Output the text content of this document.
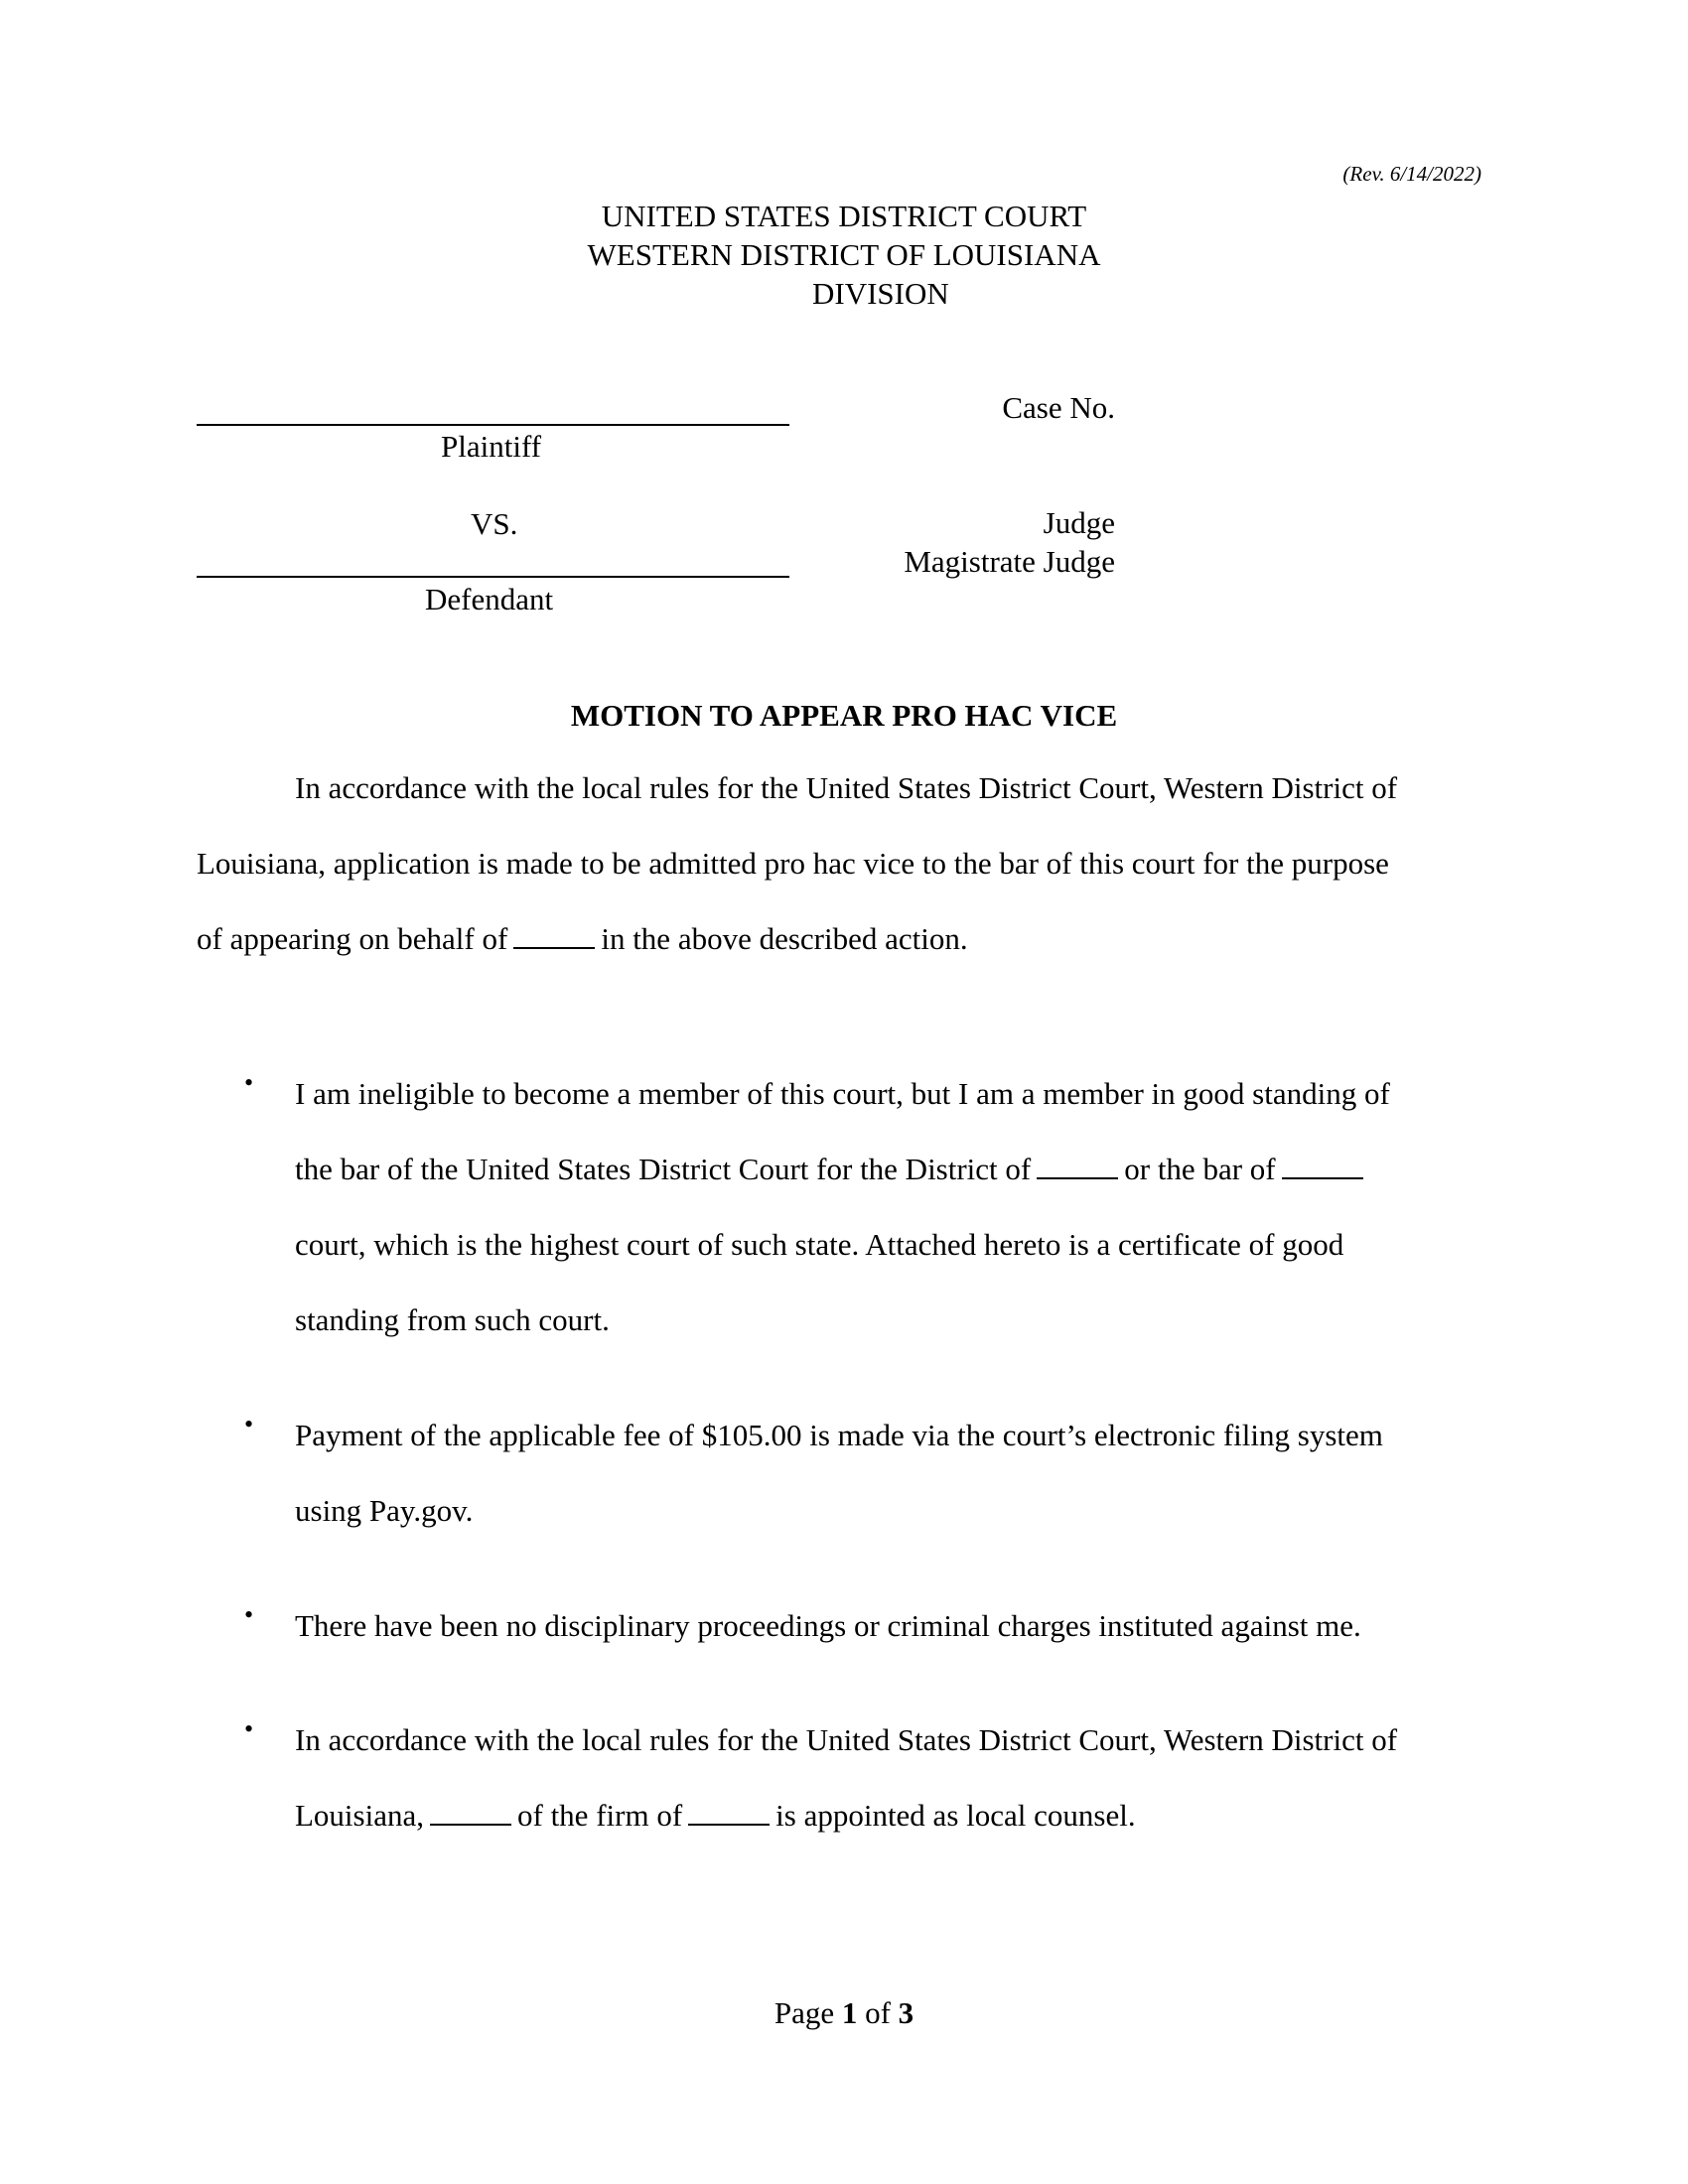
(Rev. 6/14/2022)
UNITED STATES DISTRICT COURT
WESTERN DISTRICT OF LOUISIANA
DIVISION
Plaintiff
VS.
Defendant
Case No.
Judge
Magistrate Judge
MOTION TO APPEAR PRO HAC VICE
In accordance with the local rules for the United States District Court, Western District of
Louisiana, application is made to be admitted pro hac vice to the bar of this court for the purpose
of appearing on behalf of	in the above described action.
• I am ineligible to become a member of this court, but I am a member in good standing of
the bar of the United States District Court for the District of	or the bar of
court, which is the highest court of such state. Attached hereto is a certificate of good
standing from such court.
• Payment of the applicable fee of $105.00 is made via the court’s electronic filing system
using Pay.gov.
• There have been no disciplinary proceedings or criminal charges instituted against me.
• In accordance with the local rules for the United States District Court, Western District of
Louisiana,	of the firm of	is appointed as local counsel.
Page 1 of 3
